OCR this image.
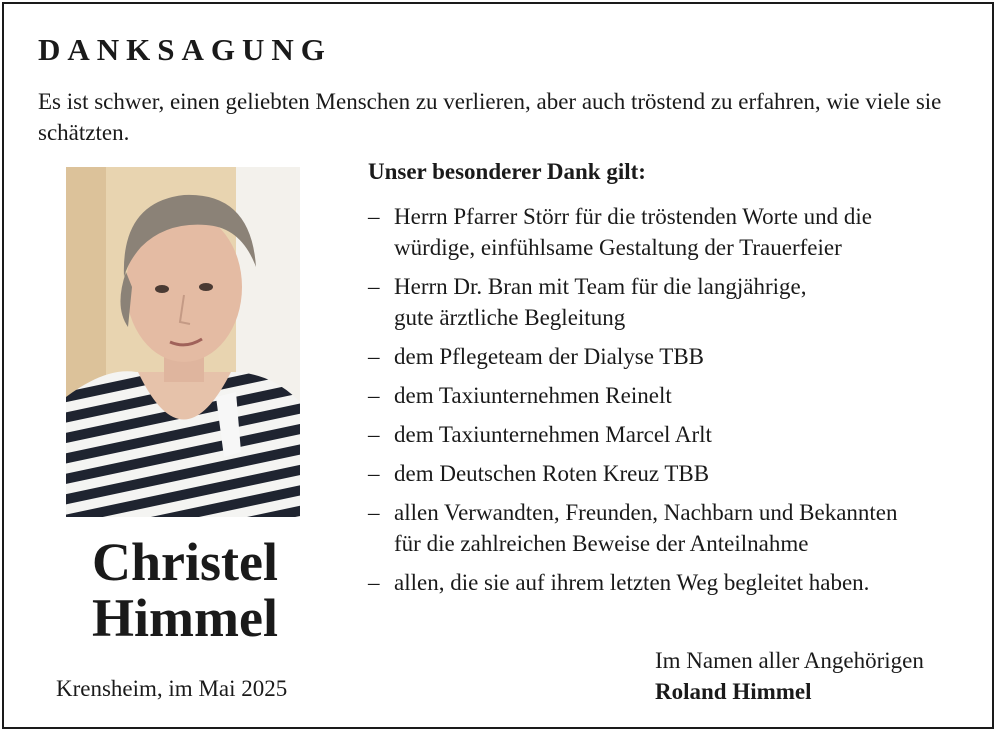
DANKSAGUNG
Es ist schwer, einen geliebten Menschen zu verlieren, aber auch tröstend zu erfahren, wie viele sie schätzten.
Christel
Himmel
Krensheim, im Mai 2025
Unser besonderer Dank gilt:
– Herrn Pfarrer Störr für die tröstenden Worte und die
würdige, einfühlsame Gestaltung der Trauerfeier
– Herrn Dr. Bran mit Team für die langjährige,
gute ärztliche Begleitung
– dem Pflegeteam der Dialyse TBB
– dem Taxiunternehmen Reinelt
– dem Taxiunternehmen Marcel Arlt
– dem Deutschen Roten Kreuz TBB
– allen Verwandten, Freunden, Nachbarn und Bekannten
für die zahlreichen Beweise der Anteilnahme
– allen, die sie auf ihrem letzten Weg begleitet haben.
Im Namen aller Angehörigen
Roland Himmel
